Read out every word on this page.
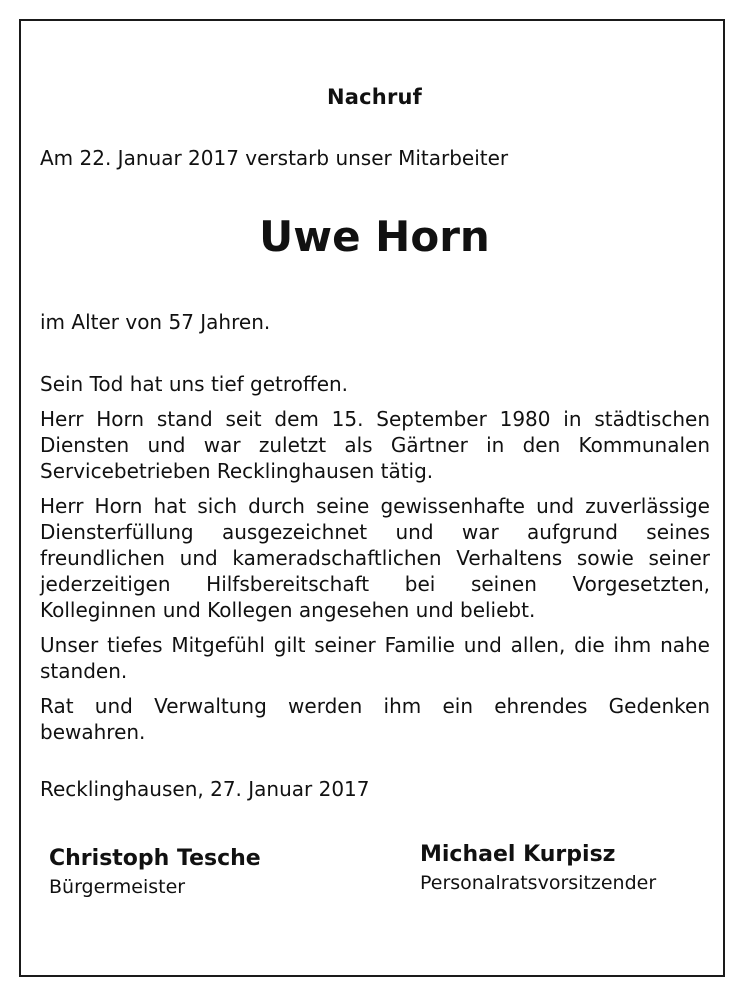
Nachruf
Am 22. Januar 2017 verstarb unser Mitarbeiter
Uwe Horn
im Alter von 57 Jahren.

Sein Tod hat uns tief getroffen.

Herr Horn stand seit dem 15. September 1980 in städtischen Diensten und war zuletzt als Gärtner in den Kommunalen Servicebetrieben Recklinghausen tätig.

Herr Horn hat sich durch seine gewissenhafte und zuverlässige Diensterfüllung ausgezeichnet und war aufgrund seines freundlichen und kameradschaftlichen Verhaltens sowie seiner jederzeitigen Hilfsbereitschaft bei seinen Vorgesetzten, Kolleginnen und Kollegen angesehen und beliebt.

Unser tiefes Mitgefühl gilt seiner Familie und allen, die ihm nahe standen.

Rat und Verwaltung werden ihm ein ehrendes Gedenken bewahren.

Recklinghausen, 27. Januar 2017
Christoph Tesche
Bürgermeister
Michael Kurpisz
Personalratsvorsitzender
